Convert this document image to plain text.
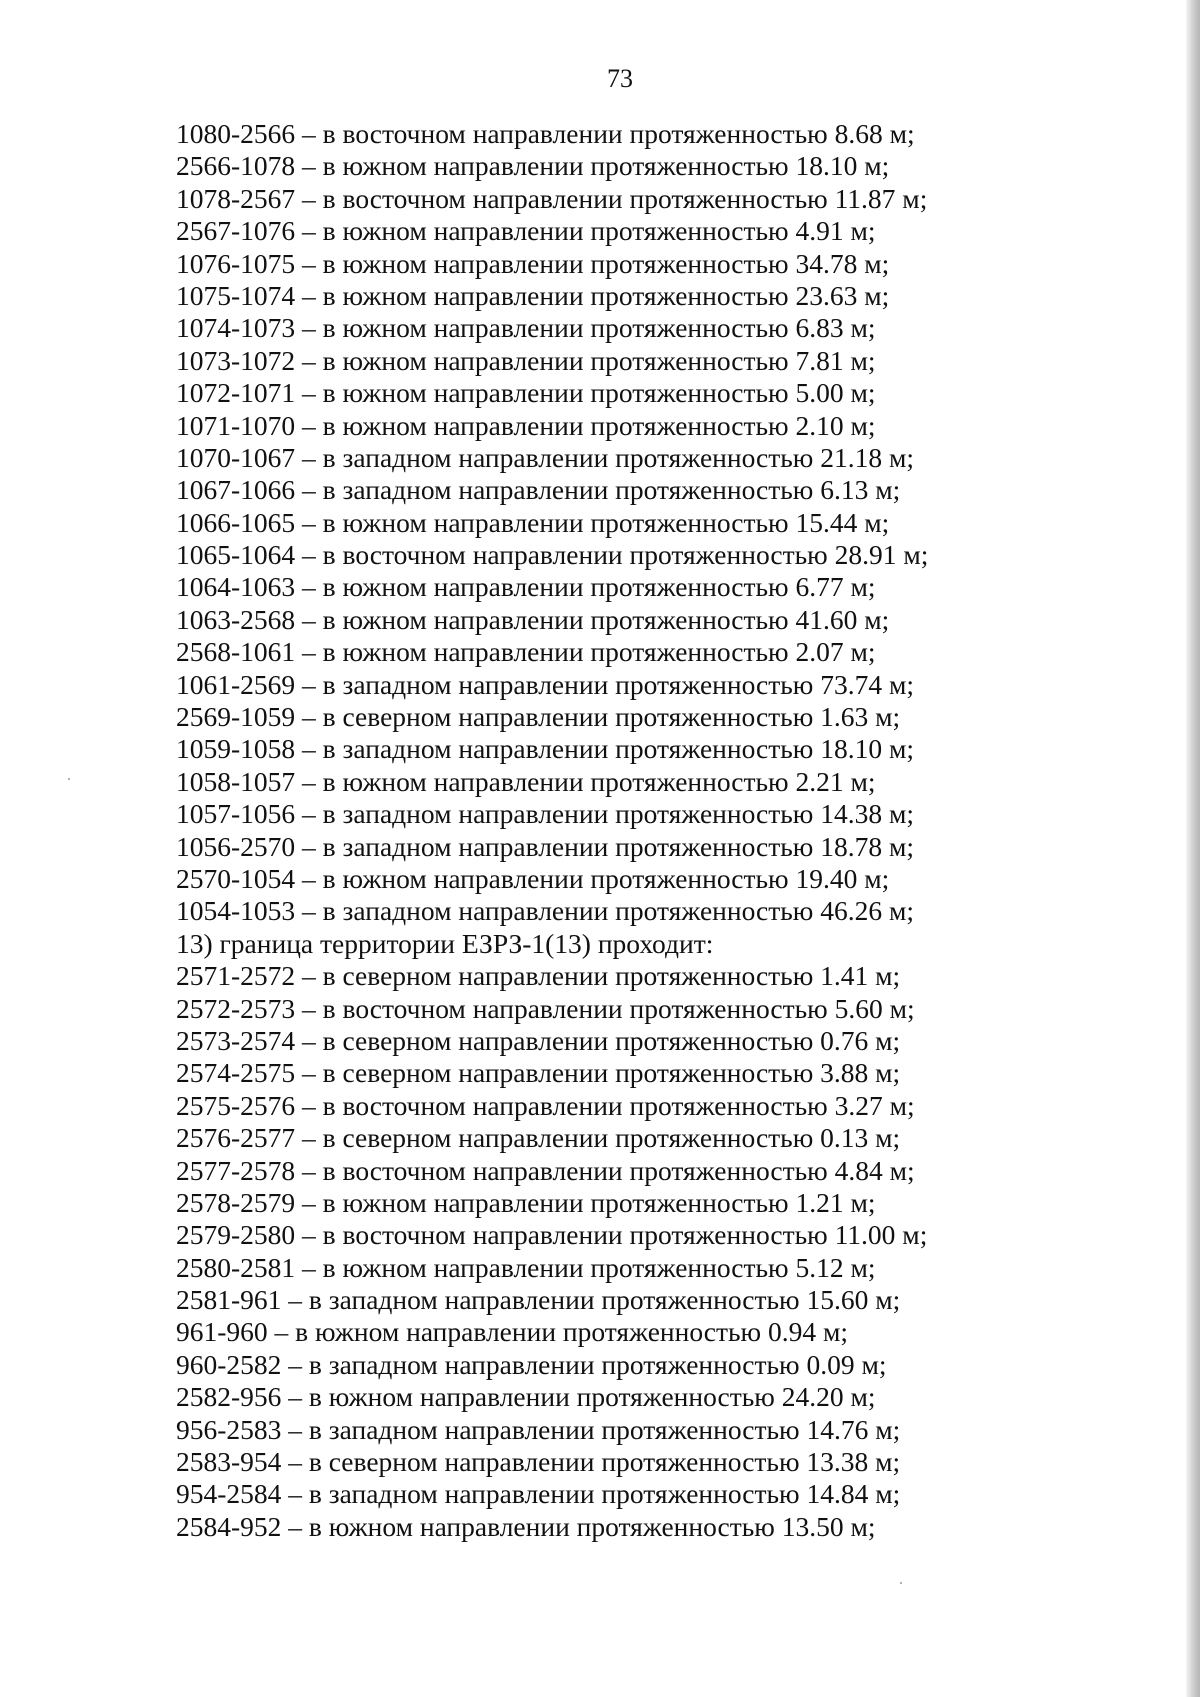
73
1080-2566 – в восточном направлении протяженностью 8.68 м;
2566-1078 – в южном направлении протяженностью 18.10 м;
1078-2567 – в восточном направлении протяженностью 11.87 м;
2567-1076 – в южном направлении протяженностью 4.91 м;
1076-1075 – в южном направлении протяженностью 34.78 м;
1075-1074 – в южном направлении протяженностью 23.63 м;
1074-1073 – в южном направлении протяженностью 6.83 м;
1073-1072 – в южном направлении протяженностью 7.81 м;
1072-1071 – в южном направлении протяженностью 5.00 м;
1071-1070 – в южном направлении протяженностью 2.10 м;
1070-1067 – в западном направлении протяженностью 21.18 м;
1067-1066 – в западном направлении протяженностью 6.13 м;
1066-1065 – в южном направлении протяженностью 15.44 м;
1065-1064 – в восточном направлении протяженностью 28.91 м;
1064-1063 – в южном направлении протяженностью 6.77 м;
1063-2568 – в южном направлении протяженностью 41.60 м;
2568-1061 – в южном направлении протяженностью 2.07 м;
1061-2569 – в западном направлении протяженностью 73.74 м;
2569-1059 – в северном направлении протяженностью 1.63 м;
1059-1058 – в западном направлении протяженностью 18.10 м;
1058-1057 – в южном направлении протяженностью 2.21 м;
1057-1056 – в западном направлении протяженностью 14.38 м;
1056-2570 – в западном направлении протяженностью 18.78 м;
2570-1054 – в южном направлении протяженностью 19.40 м;
1054-1053 – в западном направлении протяженностью 46.26 м;
13) граница территории ЕЗРЗ-1(13) проходит:
2571-2572 – в северном направлении протяженностью 1.41 м;
2572-2573 – в восточном направлении протяженностью 5.60 м;
2573-2574 – в северном направлении протяженностью 0.76 м;
2574-2575 – в северном направлении протяженностью 3.88 м;
2575-2576 – в восточном направлении протяженностью 3.27 м;
2576-2577 – в северном направлении протяженностью 0.13 м;
2577-2578 – в восточном направлении протяженностью 4.84 м;
2578-2579 – в южном направлении протяженностью 1.21 м;
2579-2580 – в восточном направлении протяженностью 11.00 м;
2580-2581 – в южном направлении протяженностью 5.12 м;
2581-961 – в западном направлении протяженностью 15.60 м;
961-960 – в южном направлении протяженностью 0.94 м;
960-2582 – в западном направлении протяженностью 0.09 м;
2582-956 – в южном направлении протяженностью 24.20 м;
956-2583 – в западном направлении протяженностью 14.76 м;
2583-954 – в северном направлении протяженностью 13.38 м;
954-2584 – в западном направлении протяженностью 14.84 м;
2584-952 – в южном направлении протяженностью 13.50 м;
